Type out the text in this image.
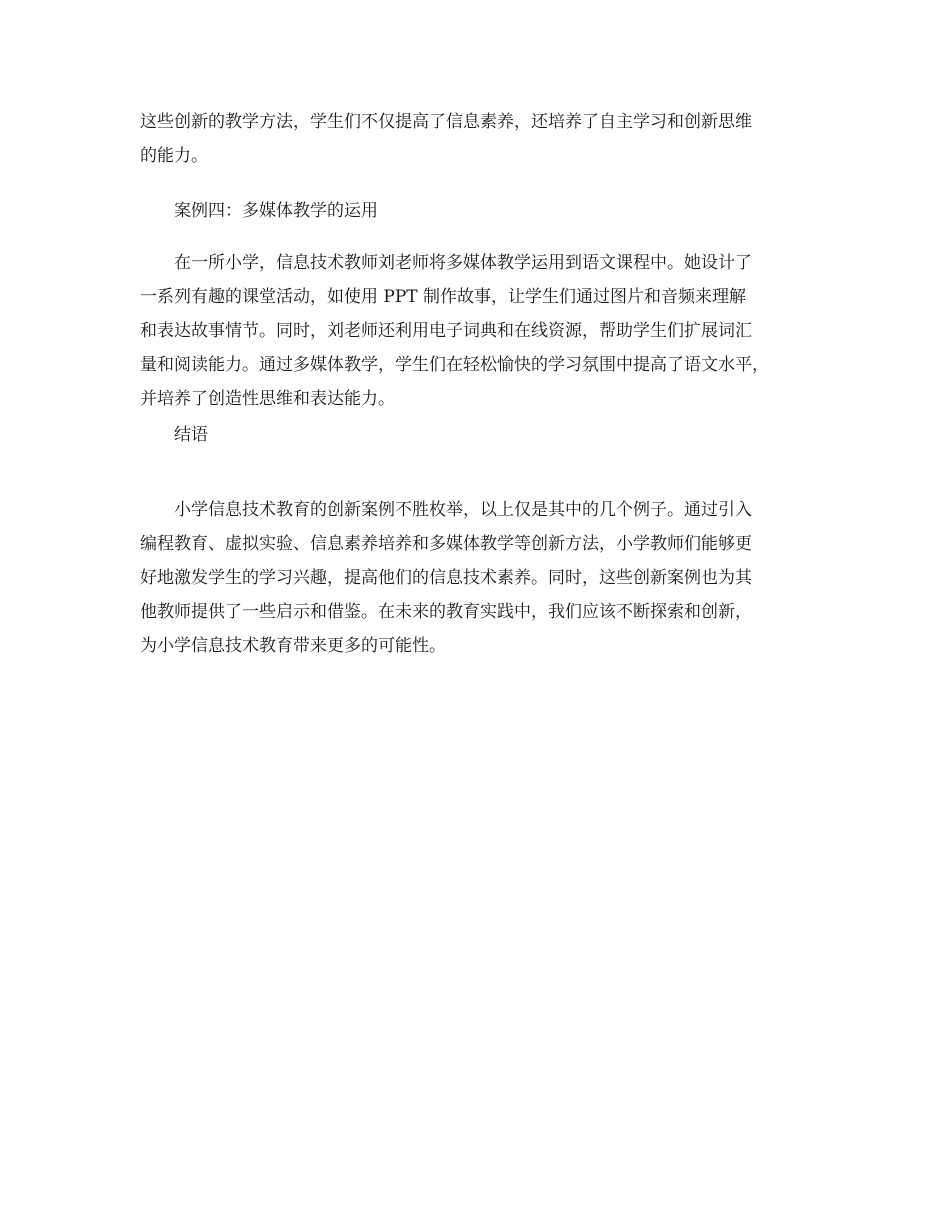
这些创新的教学方法，学生们不仅提高了信息素养，还培养了自主学习和创新思维
的能力。

案例四：多媒体教学的运用

在一所小学，信息技术教师刘老师将多媒体教学运用到语文课程中。她设计了
一系列有趣的课堂活动，如使用 PPT 制作故事，让学生们通过图片和音频来理解
和表达故事情节。同时，刘老师还利用电子词典和在线资源，帮助学生们扩展词汇
量和阅读能力。通过多媒体教学，学生们在轻松愉快的学习氛围中提高了语文水平，
并培养了创造性思维和表达能力。

结语

小学信息技术教育的创新案例不胜枚举，以上仅是其中的几个例子。通过引入
编程教育、虚拟实验、信息素养培养和多媒体教学等创新方法，小学教师们能够更
好地激发学生的学习兴趣，提高他们的信息技术素养。同时，这些创新案例也为其
他教师提供了一些启示和借鉴。在未来的教育实践中，我们应该不断探索和创新，
为小学信息技术教育带来更多的可能性。
